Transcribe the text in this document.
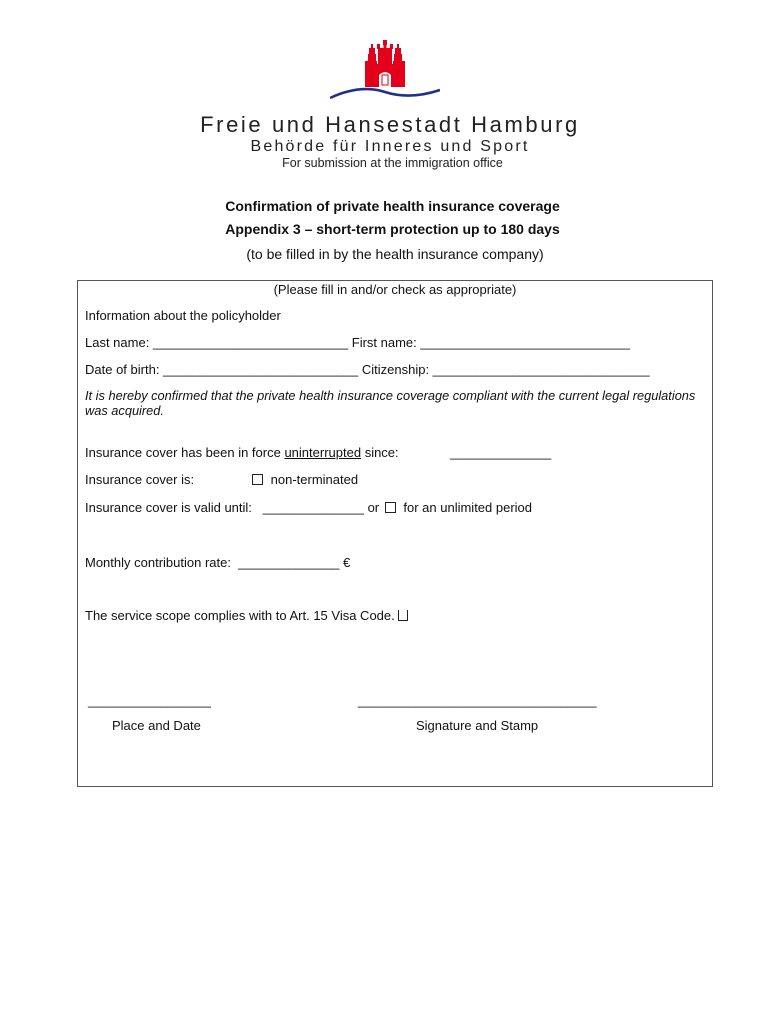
Freie und Hansestadt Hamburg
Behörde für Inneres und Sport
For submission at the immigration office
Confirmation of private health insurance coverage
Appendix 3 – short-term protection up to 180 days
(to be filled in by the health insurance company)
(Please fill in and/or check as appropriate)
Information about the policyholder
Last name: ___________________________ First name: _____________________________
Date of birth: ___________________________ Citizenship: ______________________________
It is hereby confirmed that the private health insurance coverage compliant with the current legal regulations was acquired.
Insurance cover has been in force uninterrupted since:	______________
Insurance cover is:	non-terminated
Insurance cover is valid until:   ______________ or for an unlimited period
Monthly contribution rate:  ______________ €
The service scope complies with to Art. 15 Visa Code.
_________________
Place and Date
_________________________________
Signature and Stamp
